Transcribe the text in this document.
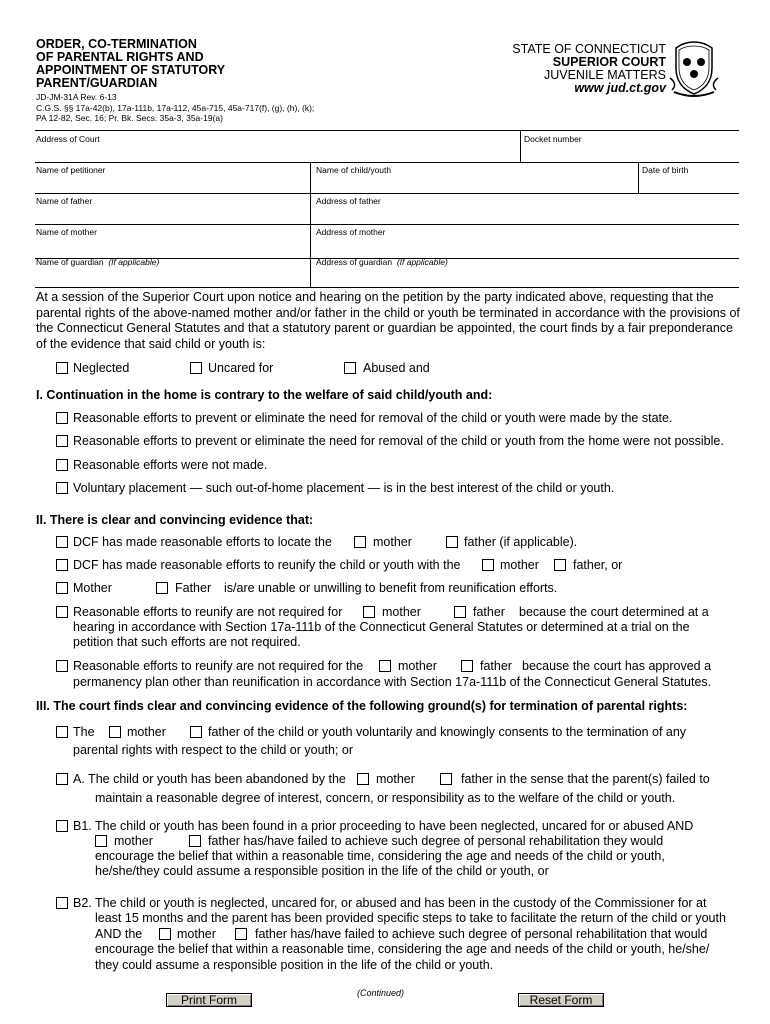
ORDER, CO-TERMINATION
OF PARENTAL RIGHTS AND
APPOINTMENT OF STATUTORY
PARENT/GUARDIAN
JD-JM-31A Rev. 6-13
C.G.S. §§ 17a-42(b), 17a-111b, 17a-112, 45a-715, 45a-717(f), (g), (h), (k);
PA 12-82, Sec. 16; Pr. Bk. Secs. 35a-3, 35a-19(a)
STATE OF CONNECTICUT
SUPERIOR COURT
JUVENILE MATTERS
www jud.ct.gov
Address of Court	Docket number
Name of petitioner	Name of child/youth	Date of birth
Name of father	Address of father
Name of mother	Address of mother
Name of guardian (If applicable)	Address of guardian (If applicable)
At a session of the Superior Court upon notice and hearing on the petition by the party indicated above, requesting that the parental rights of the above-named mother and/or father in the child or youth be terminated in accordance with the provisions of the Connecticut General Statutes and that a statutory parent or guardian be appointed, the court finds by a fair preponderance of the evidence that said child or youth is:
Neglected	Uncared for	Abused and
I. Continuation in the home is contrary to the welfare of said child/youth and:
Reasonable efforts to prevent or eliminate the need for removal of the child or youth were made by the state.
Reasonable efforts to prevent or eliminate the need for removal of the child or youth from the home were not possible.
Reasonable efforts were not made.
Voluntary placement — such out-of-home placement — is in the best interest of the child or youth.
II. There is clear and convincing evidence that:
DCF has made reasonable efforts to locate the	mother	father (if applicable).
DCF has made reasonable efforts to reunify the child or youth with the	mother	father, or
Mother	Father is/are unable or unwilling to benefit from reunification efforts.
Reasonable efforts to reunify are not required for	mother	father because the court determined at a
hearing in accordance with Section 17a-111b of the Connecticut General Statutes or determined at a trial on the
petition that such efforts are not required.
Reasonable efforts to reunify are not required for the	mother	father because the court has approved a
permanency plan other than reunification in accordance with Section 17a-111b of the Connecticut General Statutes.
III. The court finds clear and convincing evidence of the following ground(s) for termination of parental rights:
The	mother	father of the child or youth voluntarily and knowingly consents to the termination of any
parental rights with respect to the child or youth; or
A. The child or youth has been abandoned by the mother	father in the sense that the parent(s) failed to
maintain a reasonable degree of interest, concern, or responsibility as to the welfare of the child or youth.
B1. The child or youth has been found in a prior proceeding to have been neglected, uncared for or abused AND
mother	father has/have failed to achieve such degree of personal rehabilitation they would
encourage the belief that within a reasonable time, considering the age and needs of the child or youth,
he/she/they could assume a responsible position in the life of the child or youth, or
B2. The child or youth is neglected, uncared for, or abused and has been in the custody of the Commissioner for at
least 15 months and the parent has been provided specific steps to take to facilitate the return of the child or youth
AND the	mother	father has/have failed to achieve such degree of personal rehabilitation that would
encourage the belief that within a reasonable time, considering the age and needs of the child or youth, he/she/
they could assume a responsible position in the life of the child or youth.
Print Form	(Continued)	Reset Form
